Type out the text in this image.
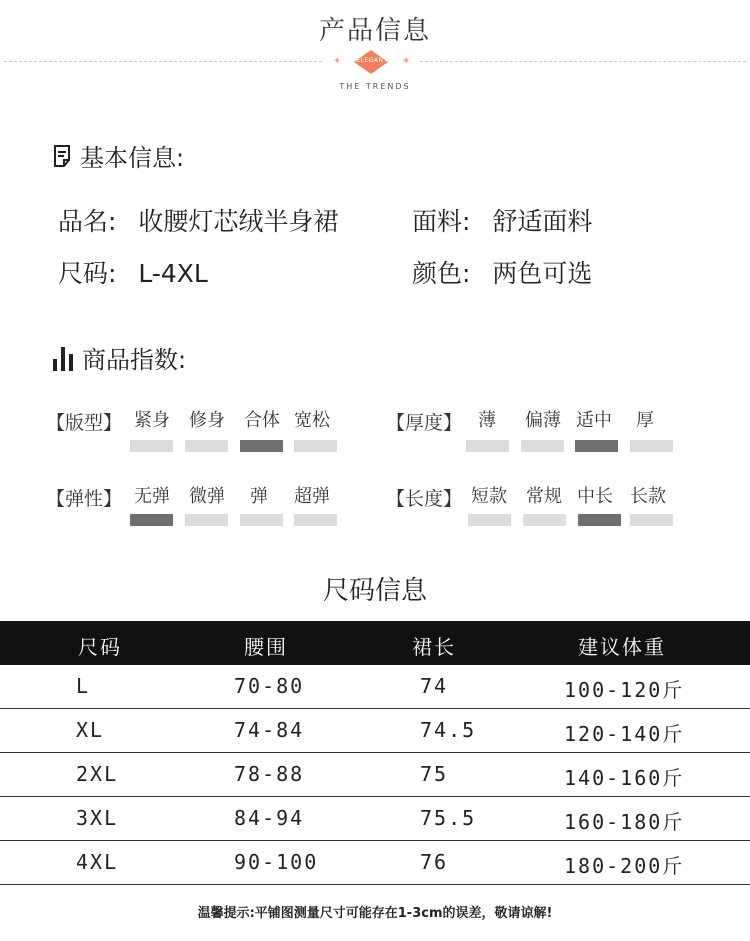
产品信息
✦	✦
ELEGANT
THE TRENDS
基本信息:
品名: 收腰灯芯绒半身裙	面料: 舒适面料
尺码: L-4XL	颜色: 两色可选
商品指数:
【版型】 紧身	修身	合体 宽松	【厚度】 薄	偏薄 适中	厚
【弹性】 无弹	微弹	弹	超弹	【长度】 短款	常规 中长 长款
尺码信息
尺码	腰围	裙长	建议体重
L	70-80	74	100-120斤
XL	74-84	74.5	120-140斤
2XL	78-88	75	140-160斤
3XL	84-94	75.5	160-180斤
4XL	90-100	76	180-200斤
温馨提示:平铺图测量尺寸可能存在1-3cm的误差，敬请谅解!
